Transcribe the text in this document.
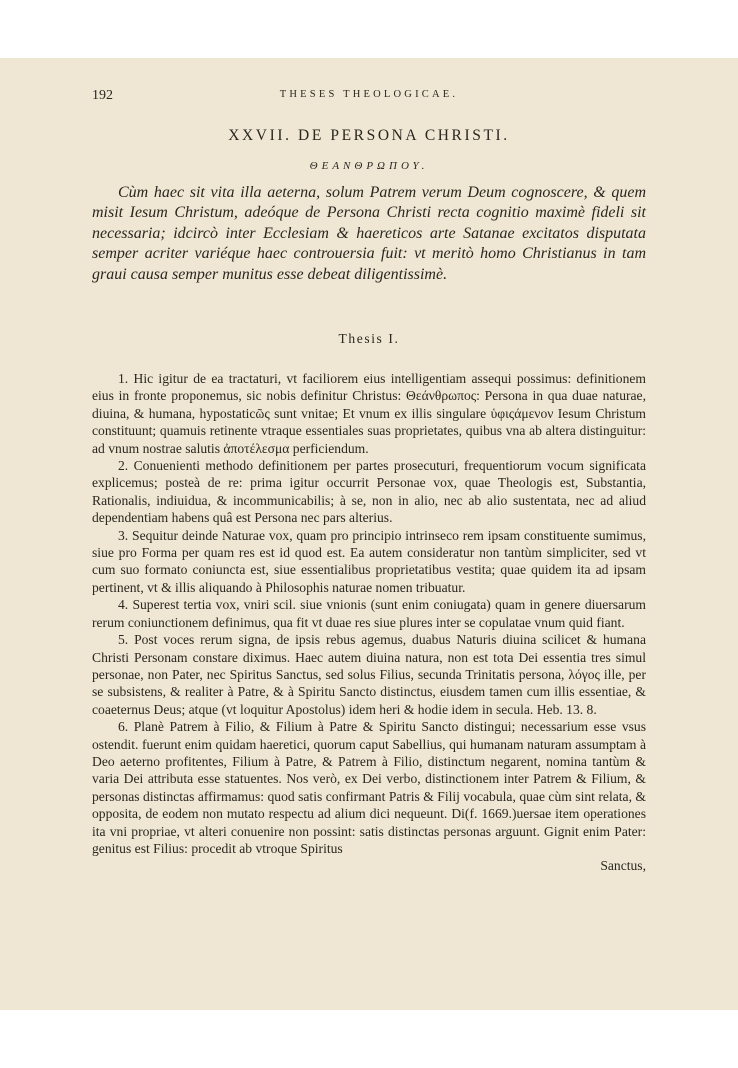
192	THESES THEOLOGICAE.
XXVII. DE PERSONA CHRISTI.
ΘΕΑΝΘΡΩΠΟΥ.

Cùm haec sit vita illa aeterna, solum Patrem verum Deum cognoscere, & quem misit Iesum Christum, adeóque de Persona Christi recta cognitio maximè fideli sit necessaria; idcircò inter Ecclesiam & haereticos arte Satanae excitatos disputata semper acriter variéque haec controuersia fuit: vt meritò homo Christianus in tam graui causa semper munitus esse debeat diligentissimè.

Thesis I.

1. Hic igitur de ea tractaturi, vt faciliorem eius intelligentiam assequi possimus: definitionem eius in fronte proponemus, sic nobis definitur Christus: Θεάνθρωπος: Persona in qua duae naturae, diuina, & humana, hypostaticῶς sunt vnitae; Et vnum ex illis singulare ὑφιςάμενον Iesum Christum constituunt; quamuis retinente vtraque essentiales suas proprietates, quibus vna ab altera distinguitur: ad vnum nostrae salutis ἀποτέλεσμα perficiendum.

2. Conuenienti methodo definitionem per partes prosecuturi, frequentiorum vocum significata explicemus; posteà de re: prima igitur occurrit Personae vox, quae Theologis est, Substantia, Rationalis, indiuidua, & incommunicabilis; à se, non in alio, nec ab alio sustentata, nec ad aliud dependentiam habens quâ est Persona nec pars alterius.

3. Sequitur deinde Naturae vox, quam pro principio intrinseco rem ipsam constituente sumimus, siue pro Forma per quam res est id quod est. Ea autem consideratur non tantùm simpliciter, sed vt cum suo formato coniuncta est, siue essentialibus proprietatibus vestita; quae quidem ita ad ipsam pertinent, vt & illis aliquando à Philosophis naturae nomen tribuatur.

4. Superest tertia vox, vniri scil. siue vnionis (sunt enim coniugata) quam in genere diuersarum rerum coniunctionem definimus, qua fit vt duae res siue plures inter se copulatae vnum quid fiant.

5. Post voces rerum signa, de ipsis rebus agemus, duabus Naturis diuina scilicet & humana Christi Personam constare diximus. Haec autem diuina natura, non est tota Dei essentia tres simul personae, non Pater, nec Spiritus Sanctus, sed solus Filius, secunda Trinitatis persona, λόγος ille, per se subsistens, & realiter à Patre, & à Spiritu Sancto distinctus, eiusdem tamen cum illis essentiae, & coaeternus Deus; atque (vt loquitur Apostolus) idem heri & hodie idem in secula. Heb. 13. 8.

6. Planè Patrem à Filio, & Filium à Patre & Spiritu Sancto distingui; necessarium esse vsus ostendit. fuerunt enim quidam haeretici, quorum caput Sabellius, qui humanam naturam assumptam à Deo aeterno profitentes, Filium à Patre, & Patrem à Filio, distinctum negarent, nomina tantùm & varia Dei attributa esse statuentes. Nos verò, ex Dei verbo, distinctionem inter Patrem & Filium, & personas distinctas affirmamus: quod satis confirmant Patris & Filij vocabula, quae cùm sint relata, & opposita, de eodem non mutato respectu ad alium dici nequeunt. Di(f. 1669.)uersae item operationes ita vni propriae, vt alteri conuenire non possint: satis distinctas personas arguunt. Gignit enim Pater: genitus est Filius: procedit ab vtroque Spiritus

Sanctus,
